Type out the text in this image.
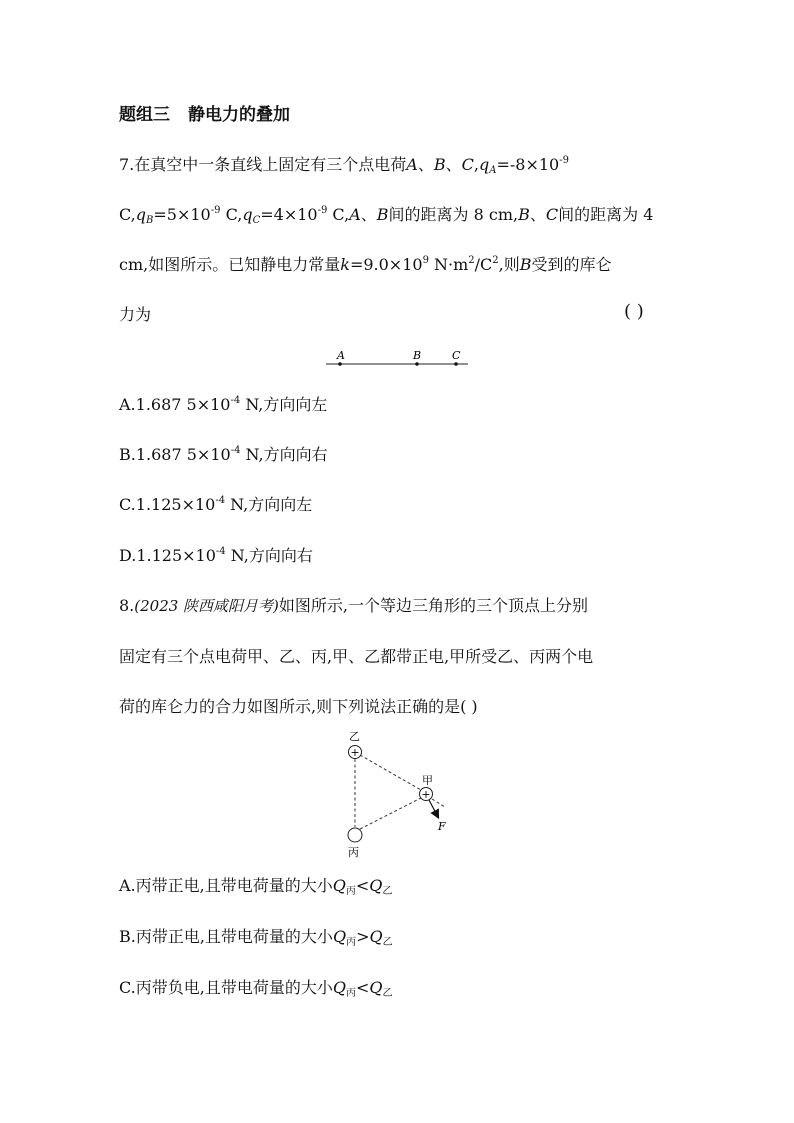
题组三 静电力的叠加
7.在真空中一条直线上固定有三个点电荷A、B、$C,q_A=-8\times 10^{-9}$
$C,q_B=5\times 10^{-9}$ $C,q_C=4\times 10^{-9}$ C,A、B间的距离为 8 cm,B、C间的距离为 4
cm,如图所示。已知静电力常量$k=9.0\times 10^9$ $N\cdot m^2/C^2$,则B受到的库仑
力为	( )
A	B	C
A.1.687 $5\times 10^{-4}$ N,方向向左
B.1.687 $5\times 10^{-4}$ N,方向向右
$C.1.125\times 10^{-4}$ N,方向向左
$D.1.125\times 10^{-4}$ N,方向向右
8.(2023 陕西咸阳月考)如图所示,一个等边三角形的三个顶点上分别
固定有三个点电荷甲、乙、丙,甲、乙都带正电,甲所受乙、丙两个电
荷的库仑力的合力如图所示,则下列说法正确的是( )
+
+
乙
甲
丙
F
A.丙带正电,且带电荷量的大小$Q_丙<Q_乙$
B.丙带正电,且带电荷量的大小$Q_丙>Q_乙$
C.丙带负电,且带电荷量的大小$Q_丙<Q_乙$
